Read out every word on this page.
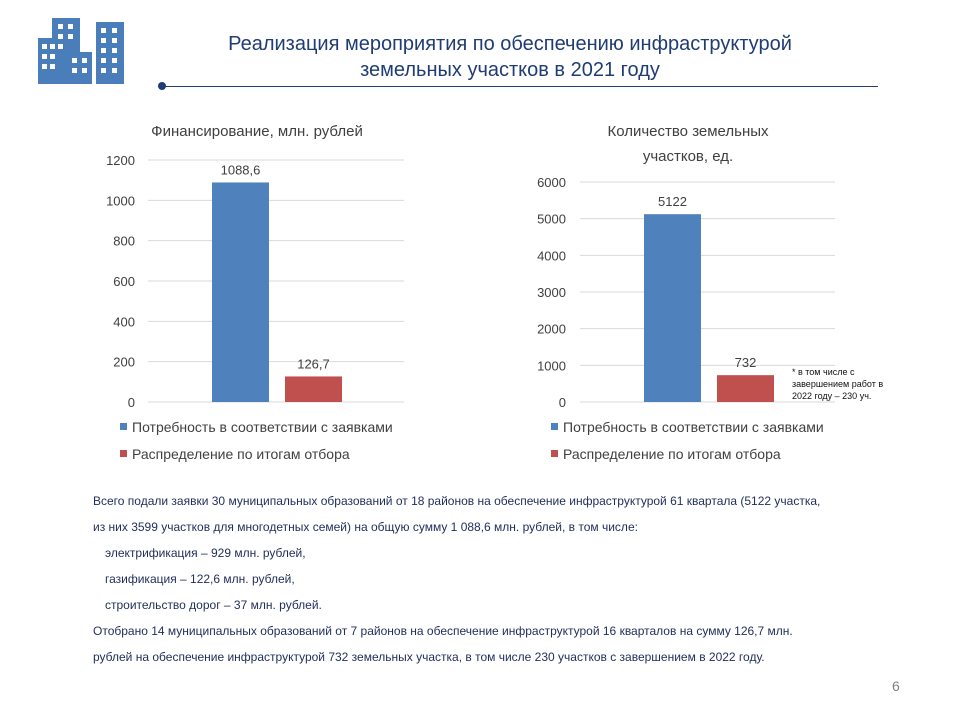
Реализация мероприятия по обеспечению инфраструктурой
земельных участков в 2021 году
Финансирование, млн. рублей
0
200
400
600
800
1000
1200
1088,6
126,7
Потребность в соответствии с заявками
Распределение по итогам отбора
Количество земельных
участков, ед.
0
1000
2000
3000
4000
5000
6000
5122
732
Потребность в соответствии с заявками
Распределение по итогам отбора
* в том числе с
завершением работ в
2022 году – 230 уч.

Всего подали заявки 30 муниципальных образований от 18 районов на обеспечение инфраструктурой 61 квартала (5122 участка,

из них 3599 участков для многодетных семей) на общую сумму 1 088,6 млн. рублей, в том числе:

электрификация – 929 млн. рублей,

газификация – 122,6 млн. рублей,

строительство дорог – 37 млн. рублей.

Отобрано 14 муниципальных образований от 7 районов на обеспечение инфраструктурой 16 кварталов на сумму 126,7 млн.

рублей на обеспечение инфраструктурой 732 земельных участка, в том числе 230 участков с завершением в 2022 году.

6
